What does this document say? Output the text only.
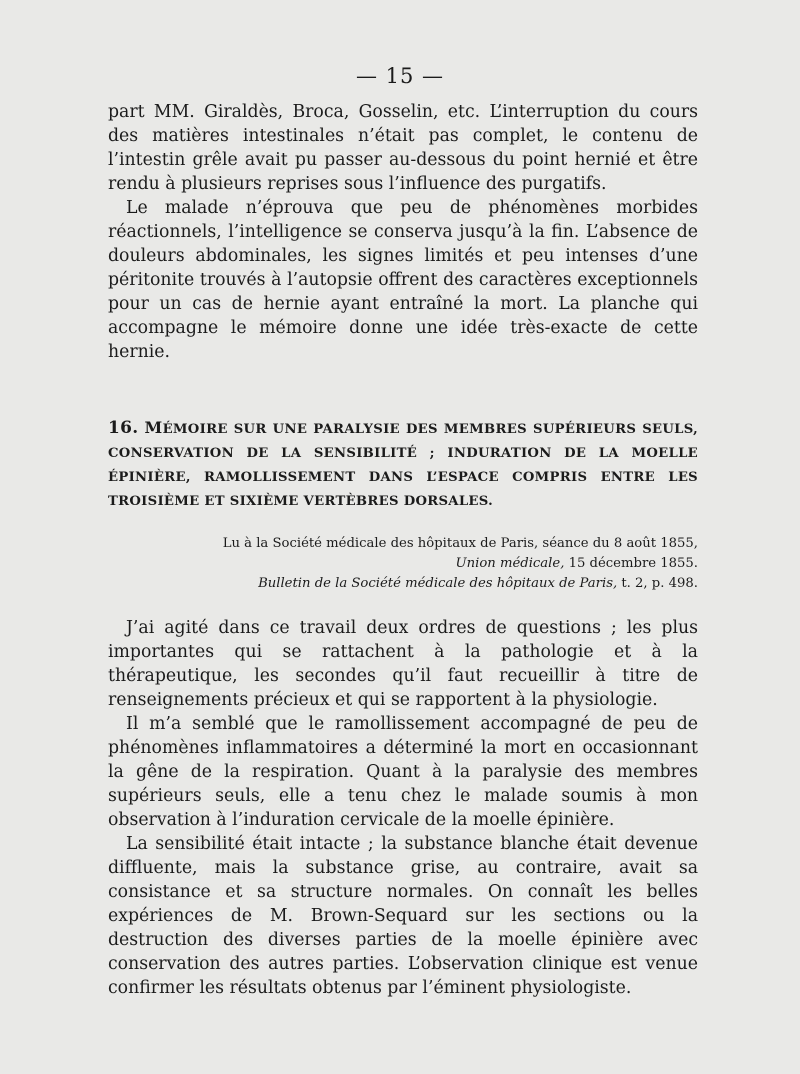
— 15 —

part MM. Giraldès, Broca, Gosselin, etc. L’interruption du cours des matières intestinales n’était pas complet, le contenu de l’intestin grêle avait pu passer au-dessous du point hernié et être rendu à plusieurs reprises sous l’influence des purgatifs.

Le malade n’éprouva que peu de phénomènes morbides réactionnels, l’intelligence se conserva jusqu’à la fin. L’absence de douleurs abdominales, les signes limités et peu intenses d’une péritonite trouvés à l’autopsie offrent des caractères exceptionnels pour un cas de hernie ayant entraîné la mort. La planche qui accompagne le mémoire donne une idée très-exacte de cette hernie.

16. MÉMOIRE SUR UNE PARALYSIE DES MEMBRES SUPÉRIEURS SEULS, CONSERVATION DE LA SENSIBILITÉ ; INDURATION DE LA MOELLE ÉPINIÈRE, RAMOLLISSEMENT DANS L’ESPACE COMPRIS ENTRE LES TROISIÈME ET SIXIÈME VERTÈBRES DORSALES.
Lu à la Société médicale des hôpitaux de Paris, séance du 8 août 1855,
Union médicale, 15 décembre 1855.
Bulletin de la Société médicale des hôpitaux de Paris, t. 2, p. 498.

J’ai agité dans ce travail deux ordres de questions ; les plus importantes qui se rattachent à la pathologie et à la thérapeutique, les secondes qu’il faut recueillir à titre de renseignements précieux et qui se rapportent à la physiologie.

Il m’a semblé que le ramollissement accompagné de peu de phénomènes inflammatoires a déterminé la mort en occasionnant la gêne de la respiration. Quant à la paralysie des membres supérieurs seuls, elle a tenu chez le malade soumis à mon observation à l’induration cervicale de la moelle épinière.

La sensibilité était intacte ; la substance blanche était devenue diffluente, mais la substance grise, au contraire, avait sa consistance et sa structure normales. On connaît les belles expériences de M. Brown-Sequard sur les sections ou la destruction des diverses parties de la moelle épinière avec conservation des autres parties. L’observation clinique est venue confirmer les résultats obtenus par l’éminent physiologiste.
